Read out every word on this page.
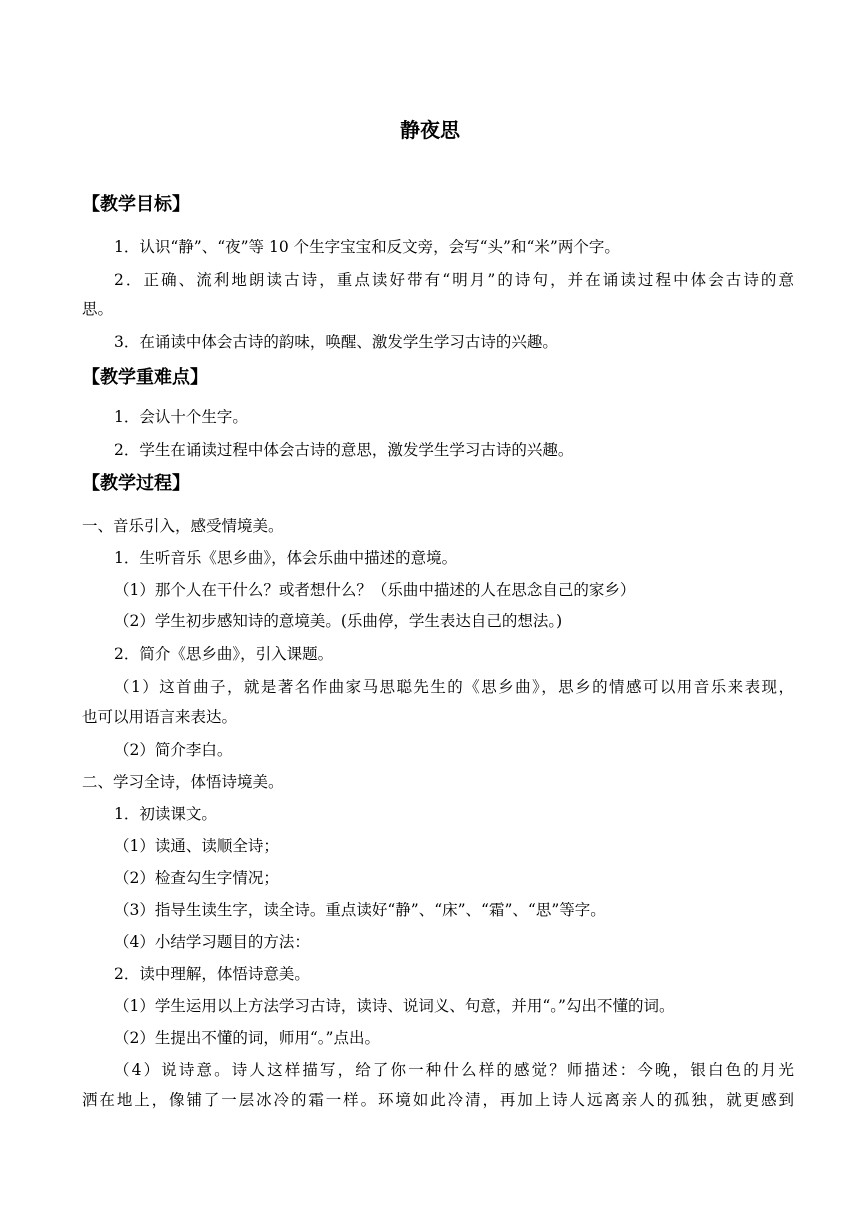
静夜思
【教学目标】
1．认识“静”、“夜”等 10 个生字宝宝和反文旁，会写“头”和“米”两个字。
2．正确、流利地朗读古诗，重点读好带有“明月”的诗句，并在诵读过程中体会古诗的意
思。
3．在诵读中体会古诗的韵味，唤醒、激发学生学习古诗的兴趣。
【教学重难点】
1．会认十个生字。
2．学生在诵读过程中体会古诗的意思，激发学生学习古诗的兴趣。
【教学过程】
一、音乐引入，感受情境美。
1．生听音乐《思乡曲》，体会乐曲中描述的意境。
（1）那个人在干什么？或者想什么？（乐曲中描述的人在思念自己的家乡）
（2）学生初步感知诗的意境美。(乐曲停，学生表达自己的想法。)
2．简介《思乡曲》，引入课题。
（1）这首曲子，就是著名作曲家马思聪先生的《思乡曲》，思乡的情感可以用音乐来表现，
也可以用语言来表达。
（2）简介李白。
二、学习全诗，体悟诗境美。
1．初读课文。
（1）读通、读顺全诗；
（2）检查勾生字情况；
（3）指导生读生字，读全诗。重点读好“静”、“床”、“霜”、“思”等字。
（4）小结学习题目的方法：
2．读中理解，体悟诗意美。
（1）学生运用以上方法学习古诗，读诗、说词义、句意，并用“。”勾出不懂的词。
（2）生提出不懂的词，师用“。”点出。
（4）说诗意。诗人这样描写，给了你一种什么样的感觉？师描述：今晚，银白色的月光
洒在地上，像铺了一层冰冷的霜一样。环境如此冷清，再加上诗人远离亲人的孤独，就更感到
